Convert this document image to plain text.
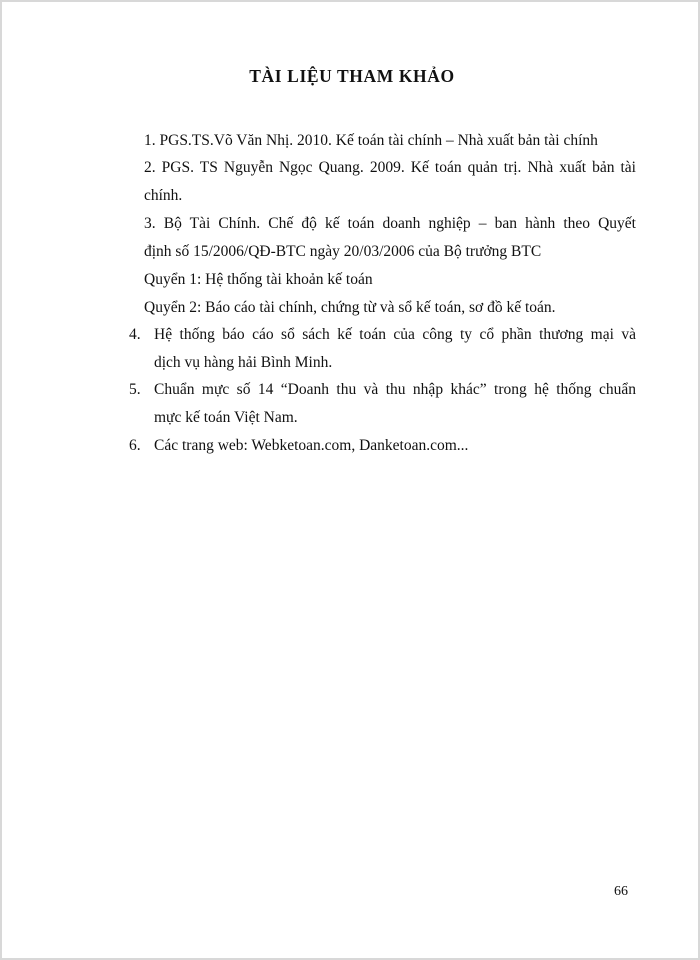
TÀI LIỆU THAM KHẢO
1. PGS.TS.Võ Văn Nhị. 2010. Kế toán tài chính – Nhà xuất bản tài chính
2. PGS. TS Nguyễn Ngọc Quang. 2009. Kế toán quản trị. Nhà xuất bản tài
chính.
3. Bộ Tài Chính. Chế độ kế toán doanh nghiệp – ban hành theo Quyết
định số 15/2006/QĐ-BTC ngày 20/03/2006 của Bộ trưởng BTC
Quyển 1: Hệ thống tài khoản kế toán
Quyển 2: Báo cáo tài chính, chứng từ và sổ kế toán, sơ đồ kế toán.
4. Hệ thống báo cáo sổ sách kế toán của công ty cổ phần thương mại và
dịch vụ hàng hải Bình Minh.
5. Chuẩn mực số 14 “Doanh thu và thu nhập khác” trong hệ thống chuẩn
mực kế toán Việt Nam.
6. Các trang web: Webketoan.com, Danketoan.com...
66
